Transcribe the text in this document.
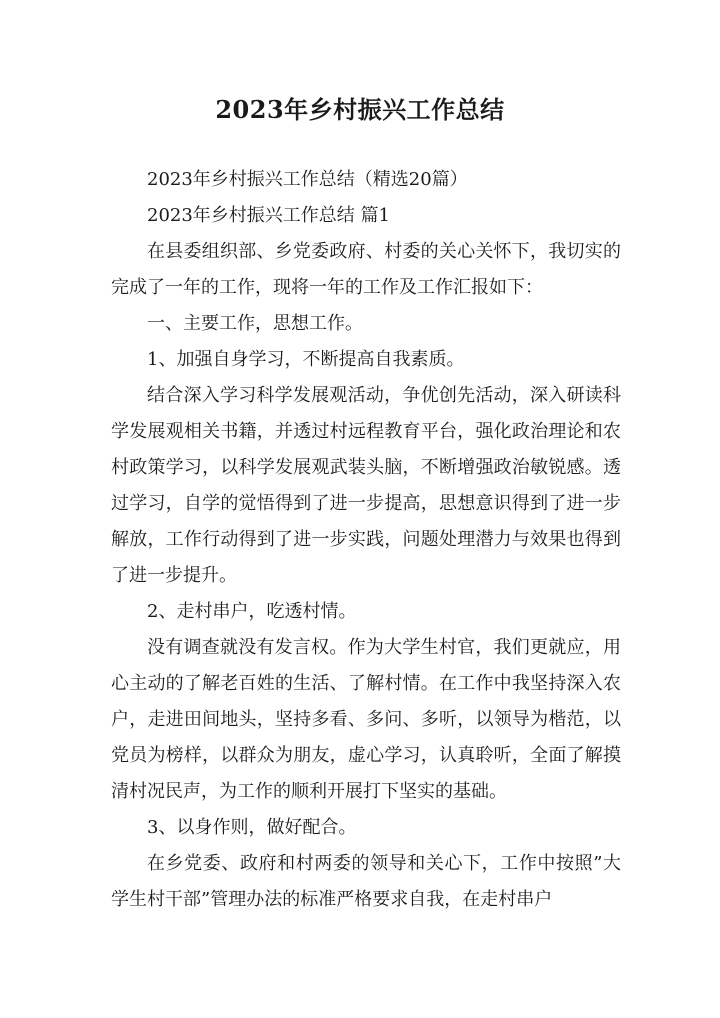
2023年乡村振兴工作总结

2023年乡村振兴工作总结（精选20篇）

2023年乡村振兴工作总结 篇1

在县委组织部、乡党委政府、村委的关心关怀下，我切实的完成了一年的工作，现将一年的工作及工作汇报如下：

一、主要工作，思想工作。

1、加强自身学习，不断提高自我素质。

结合深入学习科学发展观活动，争优创先活动，深入研读科学发展观相关书籍，并透过村远程教育平台，强化政治理论和农村政策学习，以科学发展观武装头脑，不断增强政治敏锐感。透过学习，自学的觉悟得到了进一步提高，思想意识得到了进一步解放，工作行动得到了进一步实践，问题处理潜力与效果也得到了进一步提升。

2、走村串户，吃透村情。

没有调查就没有发言权。作为大学生村官，我们更就应，用心主动的了解老百姓的生活、了解村情。在工作中我坚持深入农户，走进田间地头，坚持多看、多问、多听，以领导为楷范，以党员为榜样，以群众为朋友，虚心学习，认真聆听，全面了解摸清村况民声，为工作的顺利开展打下坚实的基础。

3、以身作则，做好配合。

在乡党委、政府和村两委的领导和关心下，工作中按照”大学生村干部”管理办法的标准严格要求自我，在走村串户
